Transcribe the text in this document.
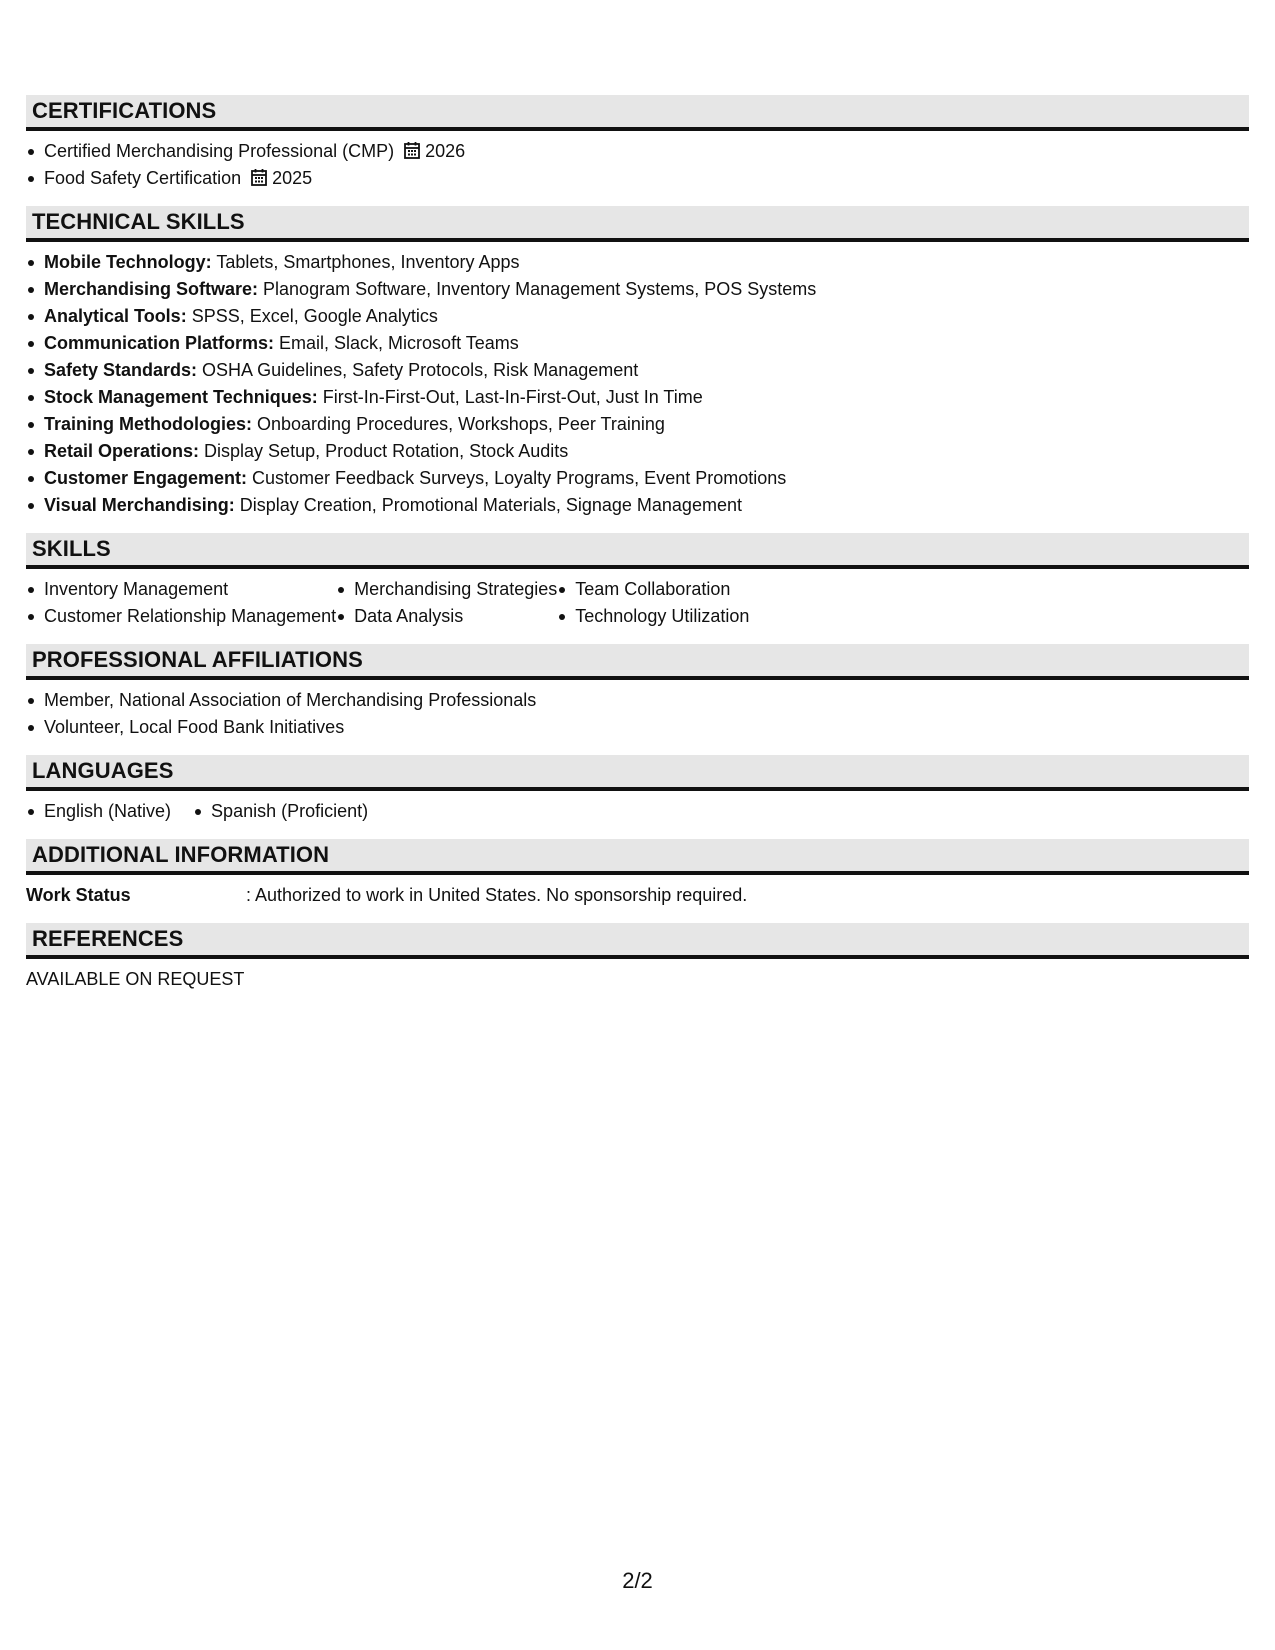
CERTIFICATIONS
Certified Merchandising Professional (CMP) 2026
Food Safety Certification 2025
TECHNICAL SKILLS
Mobile Technology: Tablets, Smartphones, Inventory Apps
Merchandising Software: Planogram Software, Inventory Management Systems, POS Systems
Analytical Tools: SPSS, Excel, Google Analytics
Communication Platforms: Email, Slack, Microsoft Teams
Safety Standards: OSHA Guidelines, Safety Protocols, Risk Management
Stock Management Techniques: First-In-First-Out, Last-In-First-Out, Just In Time
Training Methodologies: Onboarding Procedures, Workshops, Peer Training
Retail Operations: Display Setup, Product Rotation, Stock Audits
Customer Engagement: Customer Feedback Surveys, Loyalty Programs, Event Promotions
Visual Merchandising: Display Creation, Promotional Materials, Signage Management
SKILLS
Inventory Management
Customer Relationship Management
Merchandising Strategies
Data Analysis
Team Collaboration
Technology Utilization
PROFESSIONAL AFFILIATIONS
Member, National Association of Merchandising Professionals
Volunteer, Local Food Bank Initiatives
LANGUAGES
English (Native)	Spanish (Proficient)
ADDITIONAL INFORMATION
Work Status	: Authorized to work in United States. No sponsorship required.
REFERENCES
AVAILABLE ON REQUEST
2/2
